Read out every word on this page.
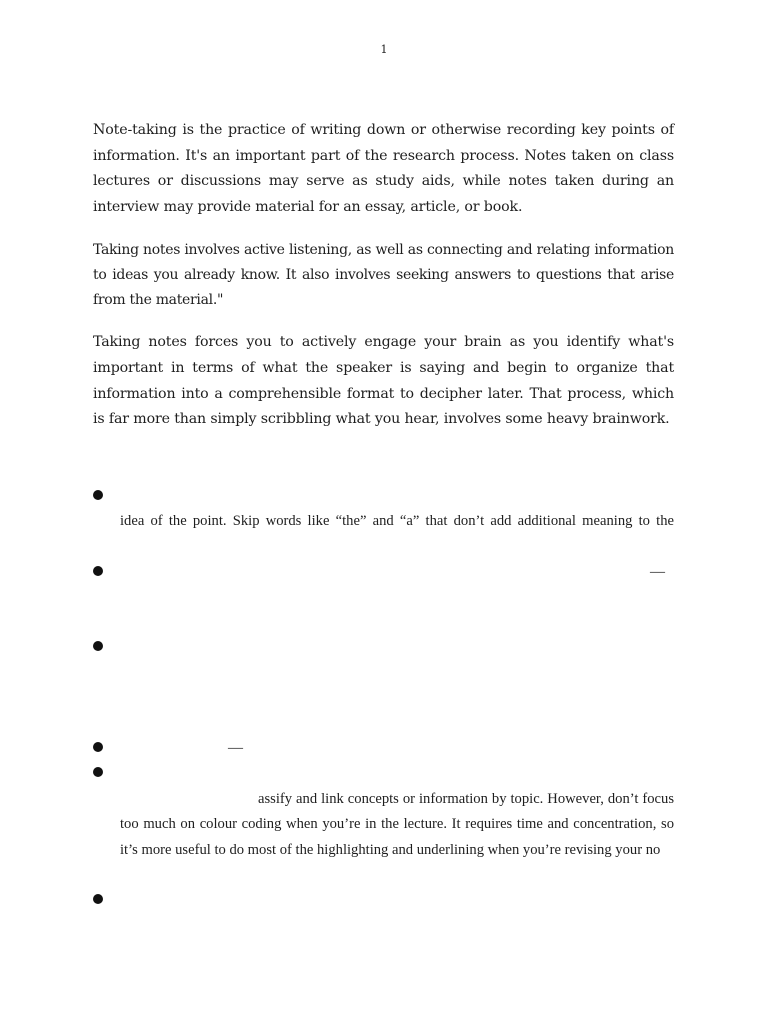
1

Note-taking is the practice of writing down or otherwise recording key points of information. It's an important part of the research process. Notes taken on class lectures or discussions may serve as study aids, while notes taken during an interview may provide material for an essay, article, or book.

Taking notes involves active listening, as well as connecting and relating information to ideas you already know. It also involves seeking answers to questions that arise from the material."

Taking notes forces you to actively engage your brain as you identify what's important in terms of what the speaker is saying and begin to organize that information into a comprehensible format to decipher later. That process, which is far more than simply scribbling what you hear, involves some heavy brainwork.

idea of the point. Skip words like “the” and “a” that don’t add additional meaning to the

—
—

assify and link concepts or information by topic. However, don’t focus too much on colour coding when you’re in the lecture. It requires time and concentration, so it’s more useful to do most of the highlighting and underlining when you’re revising your no
